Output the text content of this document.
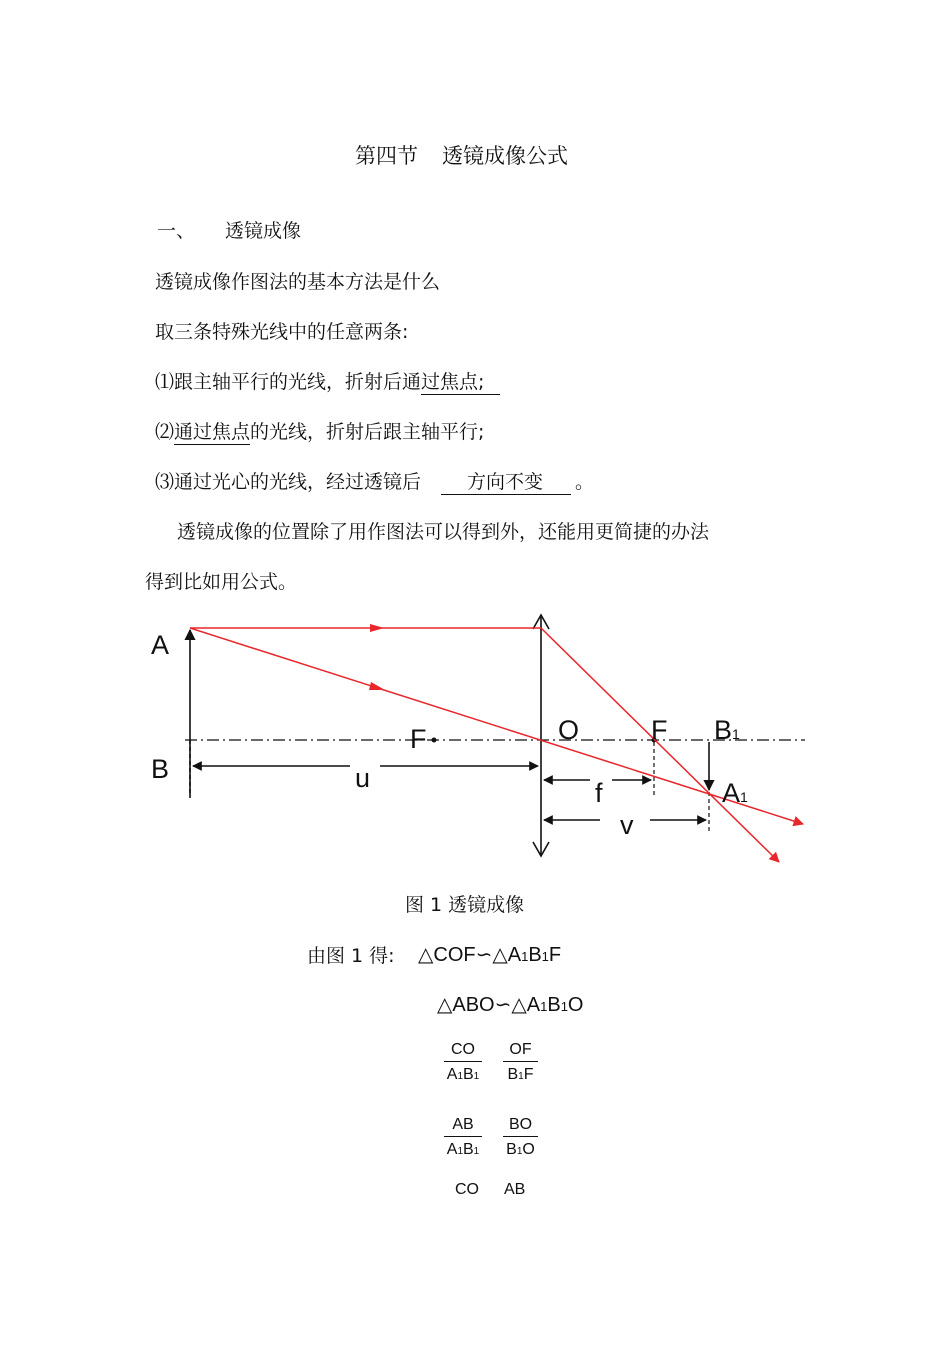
第四节 透镜成像公式
一、 透镜成像
透镜成像作图法的基本方法是什么
取三条特殊光线中的任意两条:
⑴跟主轴平行的光线，折射后通过焦点;
⑵通过焦点的光线，折射后跟主轴平行;
⑶通过光心的光线，经过透镜后 方向不变 。
透镜成像的位置除了用作图法可以得到外，还能用更简捷的办法
得到比如用公式。
A
B
F	O	F B1
A1
u	f
v
图 1 透镜成像
由图 1 得: △COF∽△A1B1F
△ABO∽△A1B1O
$\frac{CO}{A1B1} \frac{OF}{B1F}$
$\frac{AB}{A1B1} \frac{BO}{B1O}$
CO AB
